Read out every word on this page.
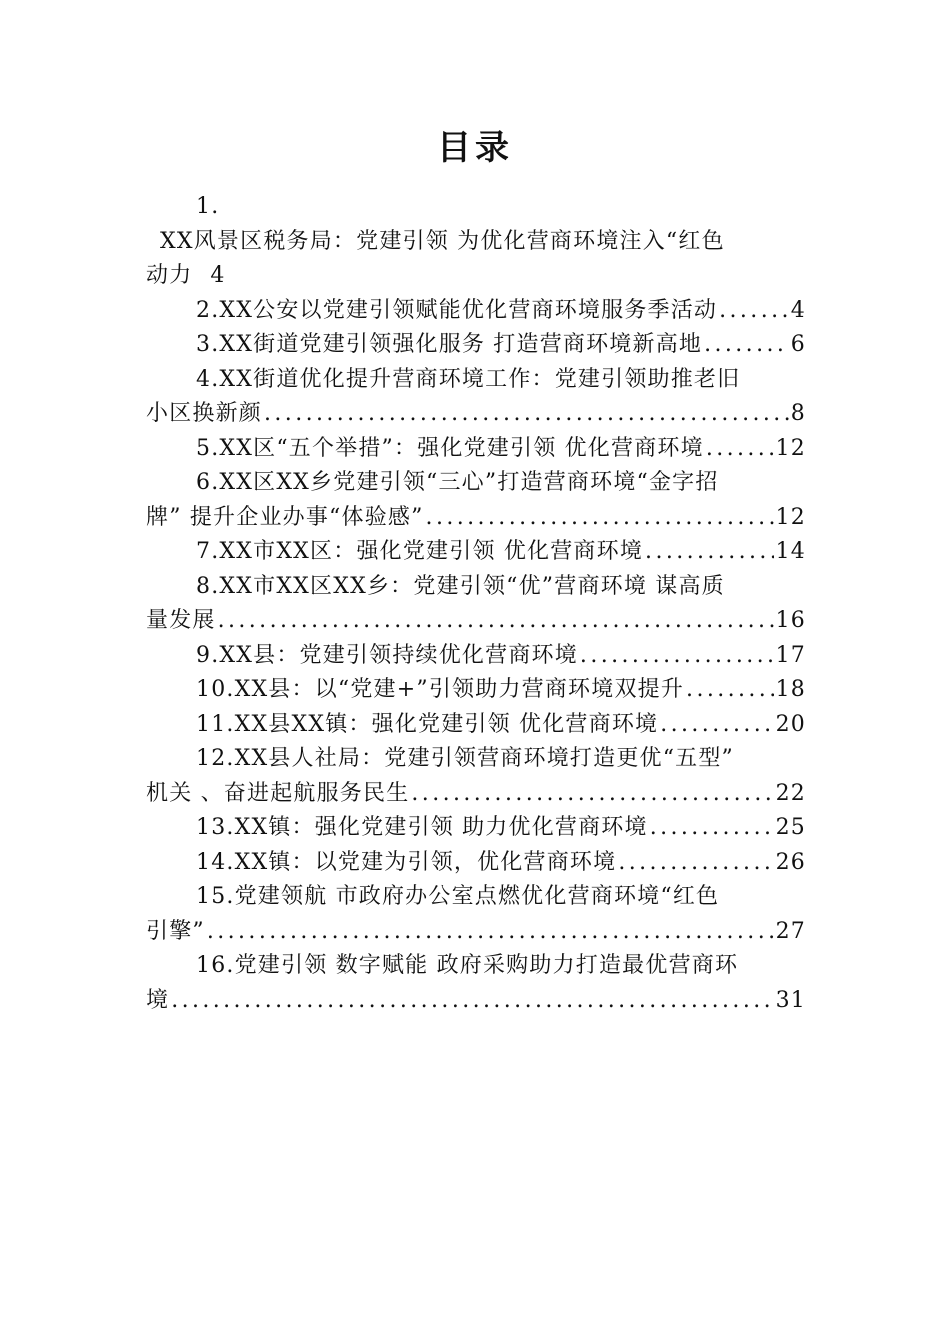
目录
1.
XX风景区税务局：党建引领 为优化营商环境注入“红色
动力 4
2.XX公安以党建引领赋能优化营商环境服务季活动 .....	4
3.XX街道党建引领强化服务 打造营商环境新高地 .....	6
4.XX街道优化提升营商环境工作：党建引领助推老旧
小区换新颜 .....	8
5.XX区“五个举措”：强化党建引领 优化营商环境 .....	12
6.XX区XX乡党建引领“三心”打造营商环境“金字招
牌” 提升企业办事“体验感” .....	12
7.XX市XX区：强化党建引领 优化营商环境 .....	14
8.XX市XX区XX乡：党建引领“优”营商环境 谋高质
量发展 .....	16
9.XX县：党建引领持续优化营商环境 .....	17
10.XX县：以“党建+”引领助力营商环境双提升 .....	18
11.XX县XX镇：强化党建引领 优化营商环境 .....	20
12.XX县人社局：党建引领营商环境打造更优“五型”
机关 、奋进起航服务民生 .....	22
13.XX镇：强化党建引领 助力优化营商环境 .....	25
14.XX镇：以党建为引领，优化营商环境 .....	26
15.党建领航 市政府办公室点燃优化营商环境“红色
引擎” .....	27
16.党建引领 数字赋能 政府采购助力打造最优营商环
境 .....	31
